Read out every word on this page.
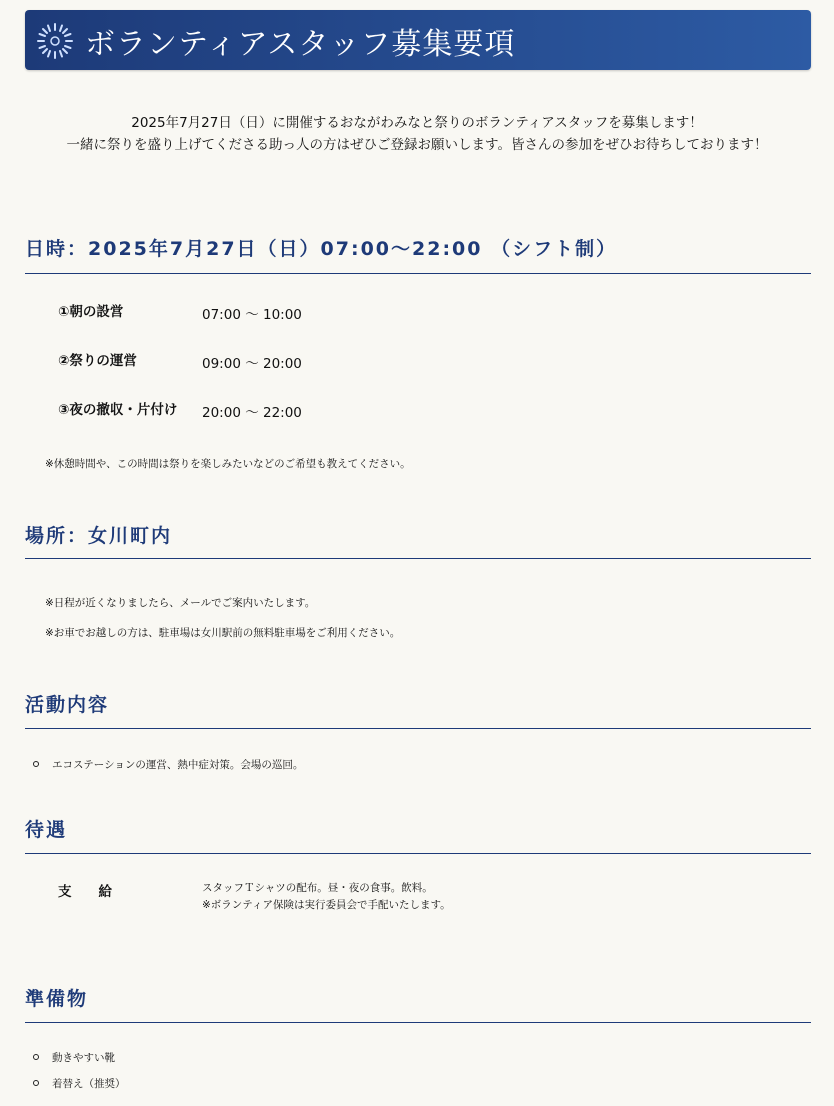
ボランティアスタッフ募集要項

2025年7月27日（日）に開催するおながわみなと祭りのボランティアスタッフを募集します！

一緒に祭りを盛り上げてくださる助っ人の方はぜひご登録お願いします。皆さんの参加をぜひお待ちしております！

日時：2025年7月27日（日）07:00〜22:00 （シフト制）
①朝の設営	07:00 〜 10:00
②祭りの運営	09:00 〜 20:00
③夜の撤収・片付け 20:00 〜 22:00
※休憩時間や、この時間は祭りを楽しみたいなどのご希望も教えてください。
場所：女川町内
※日程が近くなりましたら、メールでご案内いたします。
※お車でお越しの方は、駐車場は女川駅前の無料駐車場をご利用ください。
活動内容
エコステーションの運営、熱中症対策。会場の巡回。
待遇
支　　給	スタッフＴシャツの配布。昼・夜の食事。飲料。
※ボランティア保険は実行委員会で手配いたします。
準備物
動きやすい靴
着替え（推奨）
